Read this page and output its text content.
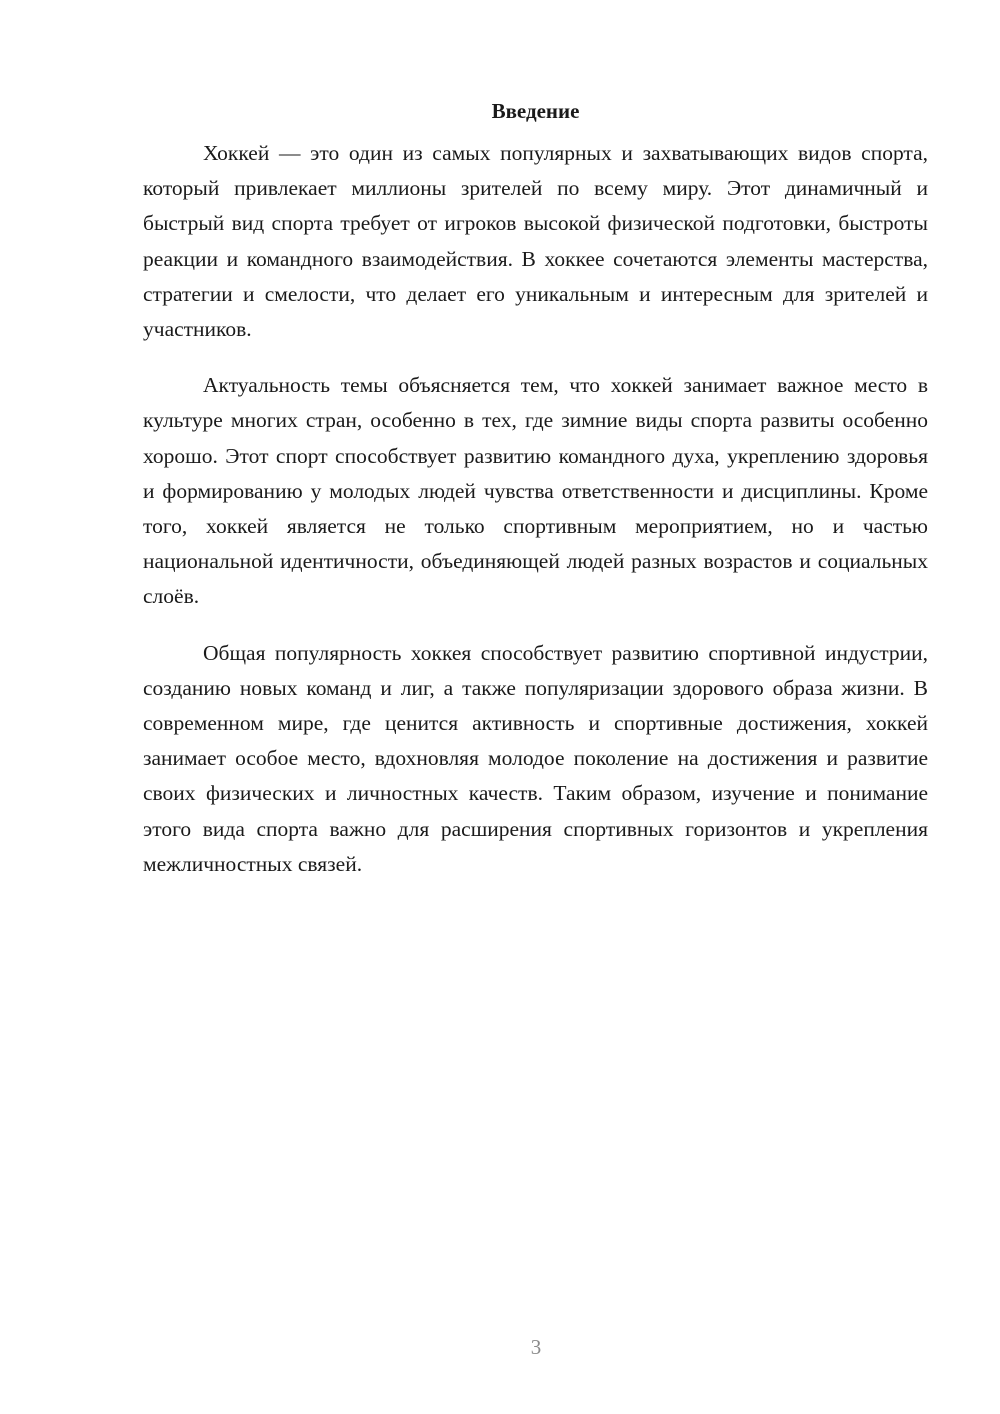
Введение

Хоккей — это один из самых популярных и захватывающих видов спорта, который привлекает миллионы зрителей по всему миру. Этот динамичный и быстрый вид спорта требует от игроков высокой физической подготовки, быстроты реакции и командного взаимодействия. В хоккее сочетаются элементы мастерства, стратегии и смелости, что делает его уникальным и интересным для зрителей и участников.

Актуальность темы объясняется тем, что хоккей занимает важное место в культуре многих стран, особенно в тех, где зимние виды спорта развиты особенно хорошо. Этот спорт способствует развитию командного духа, укреплению здоровья и формированию у молодых людей чувства ответственности и дисциплины. Кроме того, хоккей является не только спортивным мероприятием, но и частью национальной идентичности, объединяющей людей разных возрастов и социальных слоёв.

Общая популярность хоккея способствует развитию спортивной индустрии, созданию новых команд и лиг, а также популяризации здорового образа жизни. В современном мире, где ценится активность и спортивные достижения, хоккей занимает особое место, вдохновляя молодое поколение на достижения и развитие своих физических и личностных качеств. Таким образом, изучение и понимание этого вида спорта важно для расширения спортивных горизонтов и укрепления межличностных связей.

3
